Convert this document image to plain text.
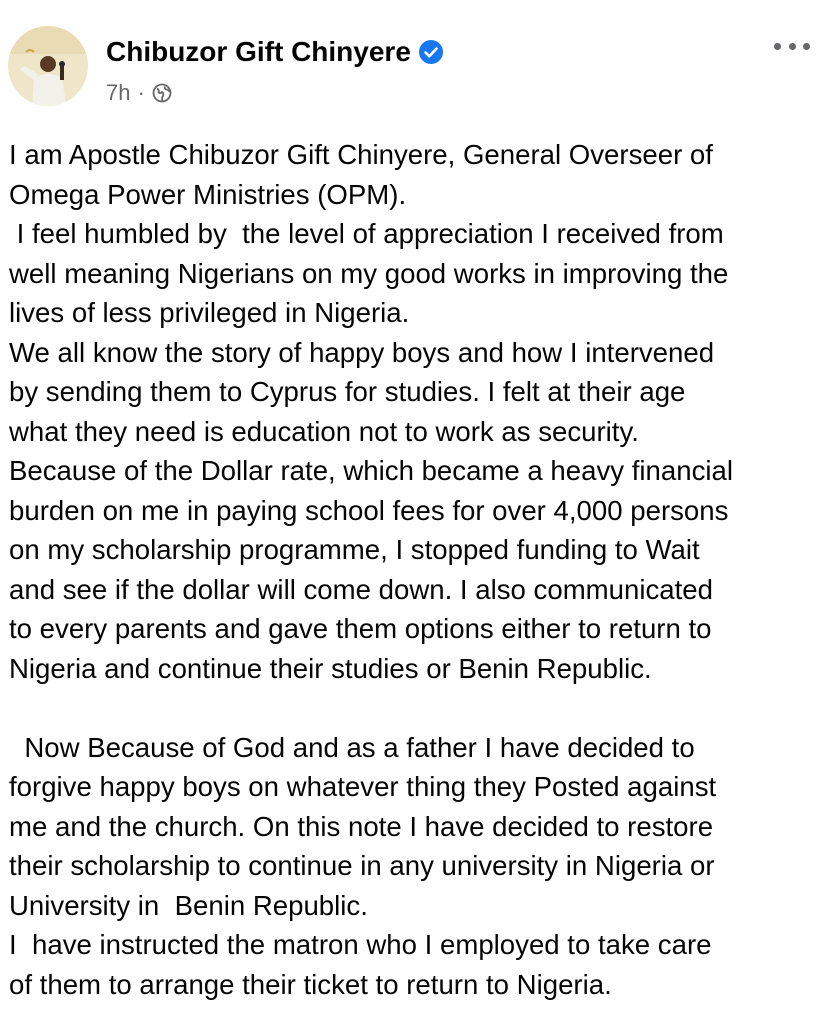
Chibuzor Gift Chinyere
7h ·
I am Apostle Chibuzor Gift Chinyere, General Overseer of
Omega Power Ministries (OPM).
I feel humbled by  the level of appreciation I received from
well meaning Nigerians on my good works in improving the
lives of less privileged in Nigeria.
We all know the story of happy boys and how I intervened
by sending them to Cyprus for studies. I felt at their age
what they need is education not to work as security.
Because of the Dollar rate, which became a heavy financial
burden on me in paying school fees for over 4,000 persons
on my scholarship programme, I stopped funding to Wait
and see if the dollar will come down. I also communicated
to every parents and gave them options either to return to
Nigeria and continue their studies or Benin Republic.
Now Because of God and as a father I have decided to
forgive happy boys on whatever thing they Posted against
me and the church. On this note I have decided to restore
their scholarship to continue in any university in Nigeria or
University in  Benin Republic.
I  have instructed the matron who I employed to take care
of them to arrange their ticket to return to Nigeria.
